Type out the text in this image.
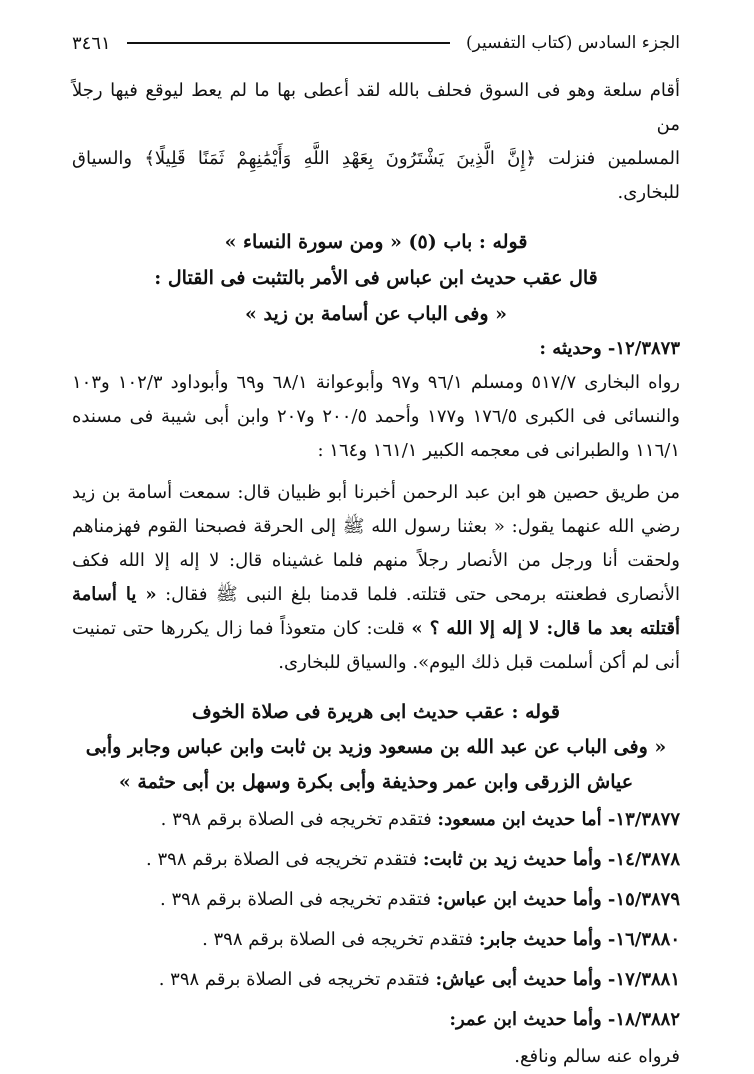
الجزء السادس (كتاب التفسير)
٣٤٦١

أقام سلعة وهو فى السوق فحلف بالله لقد أعطى بها ما لم يعط ليوقع فيها رجلاً من

المسلمين فنزلت ﴿إِنَّ الَّذِينَ يَشْتَرُونَ بِعَهْدِ اللَّهِ وَأَيْمَٰنِهِمْ ثَمَنًا قَلِيلًا﴾ والسياق للبخارى.

قوله : باب (٥) « ومن سورة النساء »

قال عقب حديث ابن عباس فى الأمر بالتثبت فى القتال :

« وفى الباب عن أسامة بن زيد »

١٢/٣٨٧٣- وحديثه :

رواه البخارى ٥١٧/٧ ومسلم ٩٦/١ و٩٧ وأبوعوانة ٦٨/١ و٦٩ وأبوداود ١٠٢/٣ و١٠٣ والنسائى فى الكبرى ١٧٦/٥ و١٧٧ وأحمد ٢٠٠/٥ و٢٠٧ وابن أبى شيبة فى مسنده ١١٦/١ والطبرانى فى معجمه الكبير ١٦١/١ و١٦٤ :

من طريق حصين هو ابن عبد الرحمن أخبرنا أبو ظبيان قال: سمعت أسامة بن زيد رضي الله عنهما يقول: « بعثنا رسول الله ﷺ إلى الحرقة فصبحنا القوم فهزمناهم ولحقت أنا ورجل من الأنصار رجلاً منهم فلما غشيناه قال: لا إله إلا الله فكف الأنصارى فطعنته برمحى حتى قتلته. فلما قدمنا بلغ النبى ﷺ فقال: « يا أسامة أقتلته بعد ما قال: لا إله إلا الله ؟ » قلت: كان متعوذاً فما زال يكررها حتى تمنيت أنى لم أكن أسلمت قبل ذلك اليوم». والسياق للبخارى.

قوله : عقب حديث ابى هريرة فى صلاة الخوف

« وفى الباب عن عبد الله بن مسعود وزيد بن ثابت وابن عباس وجابر وأبى عياش الزرقى وابن عمر وحذيفة وأبى بكرة وسهل بن أبى حثمة »

١٣/٣٨٧٧- أما حديث ابن مسعود: فتقدم تخريجه فى الصلاة برقم ٣٩٨ .

١٤/٣٨٧٨- وأما حديث زيد بن ثابت: فتقدم تخريجه فى الصلاة برقم ٣٩٨ .

١٥/٣٨٧٩- وأما حديث ابن عباس: فتقدم تخريجه فى الصلاة برقم ٣٩٨ .

١٦/٣٨٨٠- وأما حديث جابر: فتقدم تخريجه فى الصلاة برقم ٣٩٨ .

١٧/٣٨٨١- وأما حديث أبى عياش: فتقدم تخريجه فى الصلاة برقم ٣٩٨ .

١٨/٣٨٨٢- وأما حديث ابن عمر:

فرواه عنه سالم ونافع.
